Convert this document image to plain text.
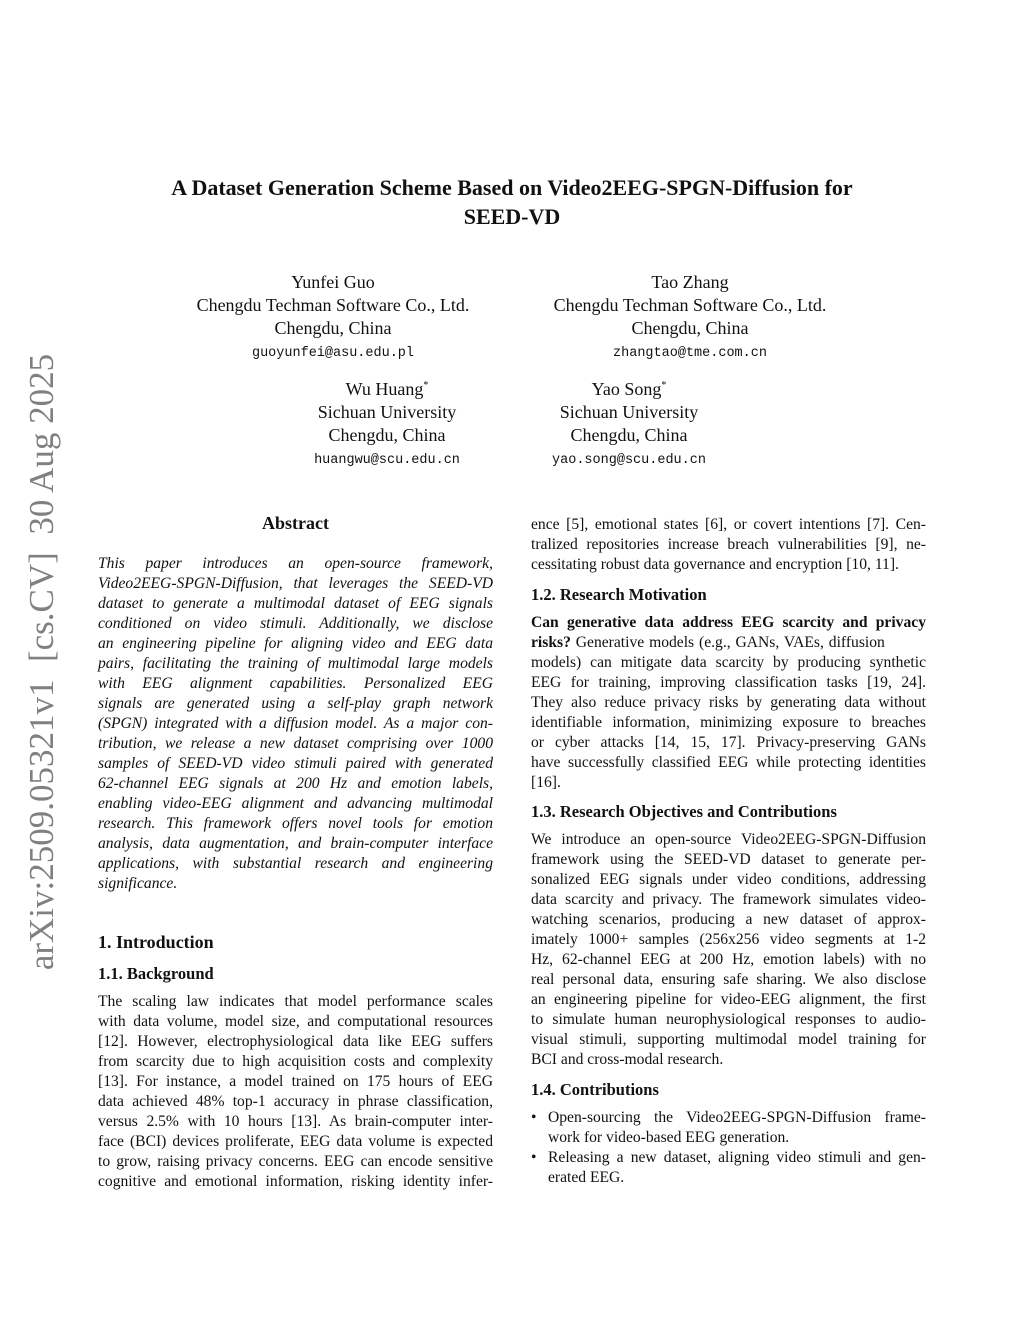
arXiv:2509.05321v1  [cs.CV]  30 Aug 2025
A Dataset Generation Scheme Based on Video2EEG-SPGN-Diffusion for
SEED-VD
Yunfei Guo
Chengdu Techman Software Co., Ltd.
Chengdu, China
guoyunfei@asu.edu.pl
Tao Zhang
Chengdu Techman Software Co., Ltd.
Chengdu, China
zhangtao@tme.com.cn
Wu Huang*
Sichuan University
Chengdu, China
huangwu@scu.edu.cn
Yao Song*
Sichuan University
Chengdu, China
yao.song@scu.edu.cn
Abstract
This paper introduces an open-source framework,
Video2EEG-SPGN-Diffusion, that leverages the SEED-VD
dataset to generate a multimodal dataset of EEG signals
conditioned on video stimuli. Additionally, we disclose
an engineering pipeline for aligning video and EEG data
pairs, facilitating the training of multimodal large models
with EEG alignment capabilities. Personalized EEG
signals are generated using a self-play graph network
(SPGN) integrated with a diffusion model. As a major con-
tribution, we release a new dataset comprising over 1000
samples of SEED-VD video stimuli paired with generated
62-channel EEG signals at 200 Hz and emotion labels,
enabling video-EEG alignment and advancing multimodal
research. This framework offers novel tools for emotion
analysis, data augmentation, and brain-computer interface
applications, with substantial research and engineering
significance.
1. Introduction
1.1. Background
The scaling law indicates that model performance scales
with data volume, model size, and computational resources
[12]. However, electrophysiological data like EEG suffers
from scarcity due to high acquisition costs and complexity
[13]. For instance, a model trained on 175 hours of EEG
data achieved 48% top-1 accuracy in phrase classification,
versus 2.5% with 10 hours [13]. As brain-computer inter-
face (BCI) devices proliferate, EEG data volume is expected
to grow, raising privacy concerns. EEG can encode sensitive
cognitive and emotional information, risking identity infer-
ence [5], emotional states [6], or covert intentions [7]. Cen-
tralized repositories increase breach vulnerabilities [9], ne-
cessitating robust data governance and encryption [10, 11].
1.2. Research Motivation
Can generative data address EEG scarcity and privacy
risks? Generative models (e.g., GANs, VAEs, diffusion
models) can mitigate data scarcity by producing synthetic
EEG for training, improving classification tasks [19, 24].
They also reduce privacy risks by generating data without
identifiable information, minimizing exposure to breaches
or cyber attacks [14, 15, 17]. Privacy-preserving GANs
have successfully classified EEG while protecting identities
[16].
1.3. Research Objectives and Contributions
We introduce an open-source Video2EEG-SPGN-Diffusion
framework using the SEED-VD dataset to generate per-
sonalized EEG signals under video conditions, addressing
data scarcity and privacy. The framework simulates video-
watching scenarios, producing a new dataset of approx-
imately 1000+ samples (256x256 video segments at 1-2
Hz, 62-channel EEG at 200 Hz, emotion labels) with no
real personal data, ensuring safe sharing. We also disclose
an engineering pipeline for video-EEG alignment, the first
to simulate human neurophysiological responses to audio-
visual stimuli, supporting multimodal model training for
BCI and cross-modal research.
1.4. Contributions
• Open-sourcing the Video2EEG-SPGN-Diffusion frame-
work for video-based EEG generation.
• Releasing a new dataset, aligning video stimuli and gen-
erated EEG.
